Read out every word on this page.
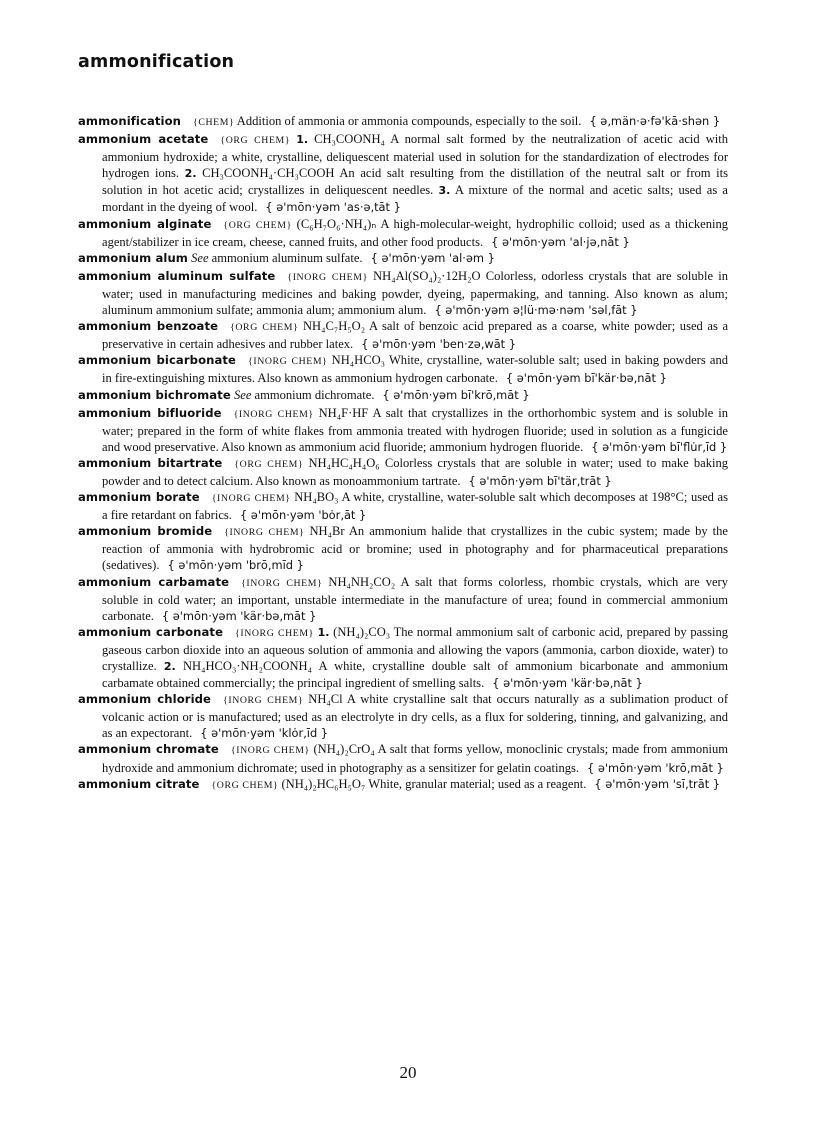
ammonification

ammonification {CHEM} Addition of ammonia or ammonia compounds, especially to the soil. { ə‚män·ə·fə'kā·shən }

ammonium acetate {ORG CHEM} 1. CH₃COONH₄ A normal salt formed by the neutralization of acetic acid with ammonium hydroxide; a white, crystalline, deliquescent material used in solution for the standardization of electrodes for hydrogen ions. 2. CH₃COONH₄·CH₃COOH An acid salt resulting from the distillation of the neutral salt or from its solution in hot acetic acid; crystallizes in deliquescent needles. 3. A mixture of the normal and acetic salts; used as a mordant in the dyeing of wool. { ə'mōn·yəm 'as·ə‚tāt }

ammonium alginate {ORG CHEM} (C₆H₇O₆·NH₄)ₙ A high-molecular-weight, hydrophilic colloid; used as a thickening agent/stabilizer in ice cream, cheese, canned fruits, and other food products. { ə'mōn·yəm 'al·jə‚nāt }

ammonium alum See ammonium aluminum sulfate. { ə'mōn·yəm 'al·əm }

ammonium aluminum sulfate {INORG CHEM} NH₄Al(SO₄)₂·12H₂O Colorless, odorless crystals that are soluble in water; used in manufacturing medicines and baking powder, dyeing, papermaking, and tanning. Also known as alum; aluminum ammonium sulfate; ammonia alum; ammonium alum. { ə'mōn·yəm ə¦lü·mə·nəm 'səl‚fāt }

ammonium benzoate {ORG CHEM} NH₄C₇H₅O₂ A salt of benzoic acid prepared as a coarse, white powder; used as a preservative in certain adhesives and rubber latex. { ə'mōn·yəm 'ben·zə‚wāt }

ammonium bicarbonate {INORG CHEM} NH₄HCO₃ White, crystalline, water-soluble salt; used in baking powders and in fire-extinguishing mixtures. Also known as ammonium hydrogen carbonate. { ə'mōn·yəm bī'kär·bə‚nāt }

ammonium bichromate See ammonium dichromate. { ə'mōn·yəm bī'krō‚māt }

ammonium bifluoride {INORG CHEM} NH₄F·HF A salt that crystallizes in the orthorhombic system and is soluble in water; prepared in the form of white flakes from ammonia treated with hydrogen fluoride; used in solution as a fungicide and wood preservative. Also known as ammonium acid fluoride; ammonium hydrogen fluoride. { ə'mōn·yəm bī'flu̇r‚īd }

ammonium bitartrate {ORG CHEM} NH₄HC₄H₄O₆ Colorless crystals that are soluble in water; used to make baking powder and to detect calcium. Also known as monoammonium tartrate. { ə'mōn·yəm bī'tär‚trāt }

ammonium borate {INORG CHEM} NH₄BO₃ A white, crystalline, water-soluble salt which decomposes at 198°C; used as a fire retardant on fabrics. { ə'mōn·yəm 'bȯr‚āt }

ammonium bromide {INORG CHEM} NH₄Br An ammonium halide that crystallizes in the cubic system; made by the reaction of ammonia with hydrobromic acid or bromine; used in photography and for pharmaceutical preparations (sedatives). { ə'mōn·yəm 'brō‚mīd }

ammonium carbamate {INORG CHEM} NH₄NH₂CO₂ A salt that forms colorless, rhombic crystals, which are very soluble in cold water; an important, unstable intermediate in the manufacture of urea; found in commercial ammonium carbonate. { ə'mōn·yəm 'kär·bə‚māt }

ammonium carbonate {INORG CHEM} 1. (NH₄)₂CO₃ The normal ammonium salt of carbonic acid, prepared by passing gaseous carbon dioxide into an aqueous solution of ammonia and allowing the vapors (ammonia, carbon dioxide, water) to crystallize. 2. NH₄HCO₃·NH₂COONH₄ A white, crystalline double salt of ammonium bicarbonate and ammonium carbamate obtained commercially; the principal ingredient of smelling salts. { ə'mōn·yəm 'kär·bə‚nāt }

ammonium chloride {INORG CHEM} NH₄Cl A white crystalline salt that occurs naturally as a sublimation product of volcanic action or is manufactured; used as an electrolyte in dry cells, as a flux for soldering, tinning, and galvanizing, and as an expectorant. { ə'mōn·yəm 'klȯr‚īd }

ammonium chromate {INORG CHEM} (NH₄)₂CrO₄ A salt that forms yellow, monoclinic crystals; made from ammonium hydroxide and ammonium dichromate; used in photography as a sensitizer for gelatin coatings. { ə'mōn·yəm 'krō‚māt }

ammonium citrate {ORG CHEM} (NH₄)₂HC₆H₅O₇ White, granular material; used as a reagent. { ə'mōn·yəm 'sī‚trāt }

20
